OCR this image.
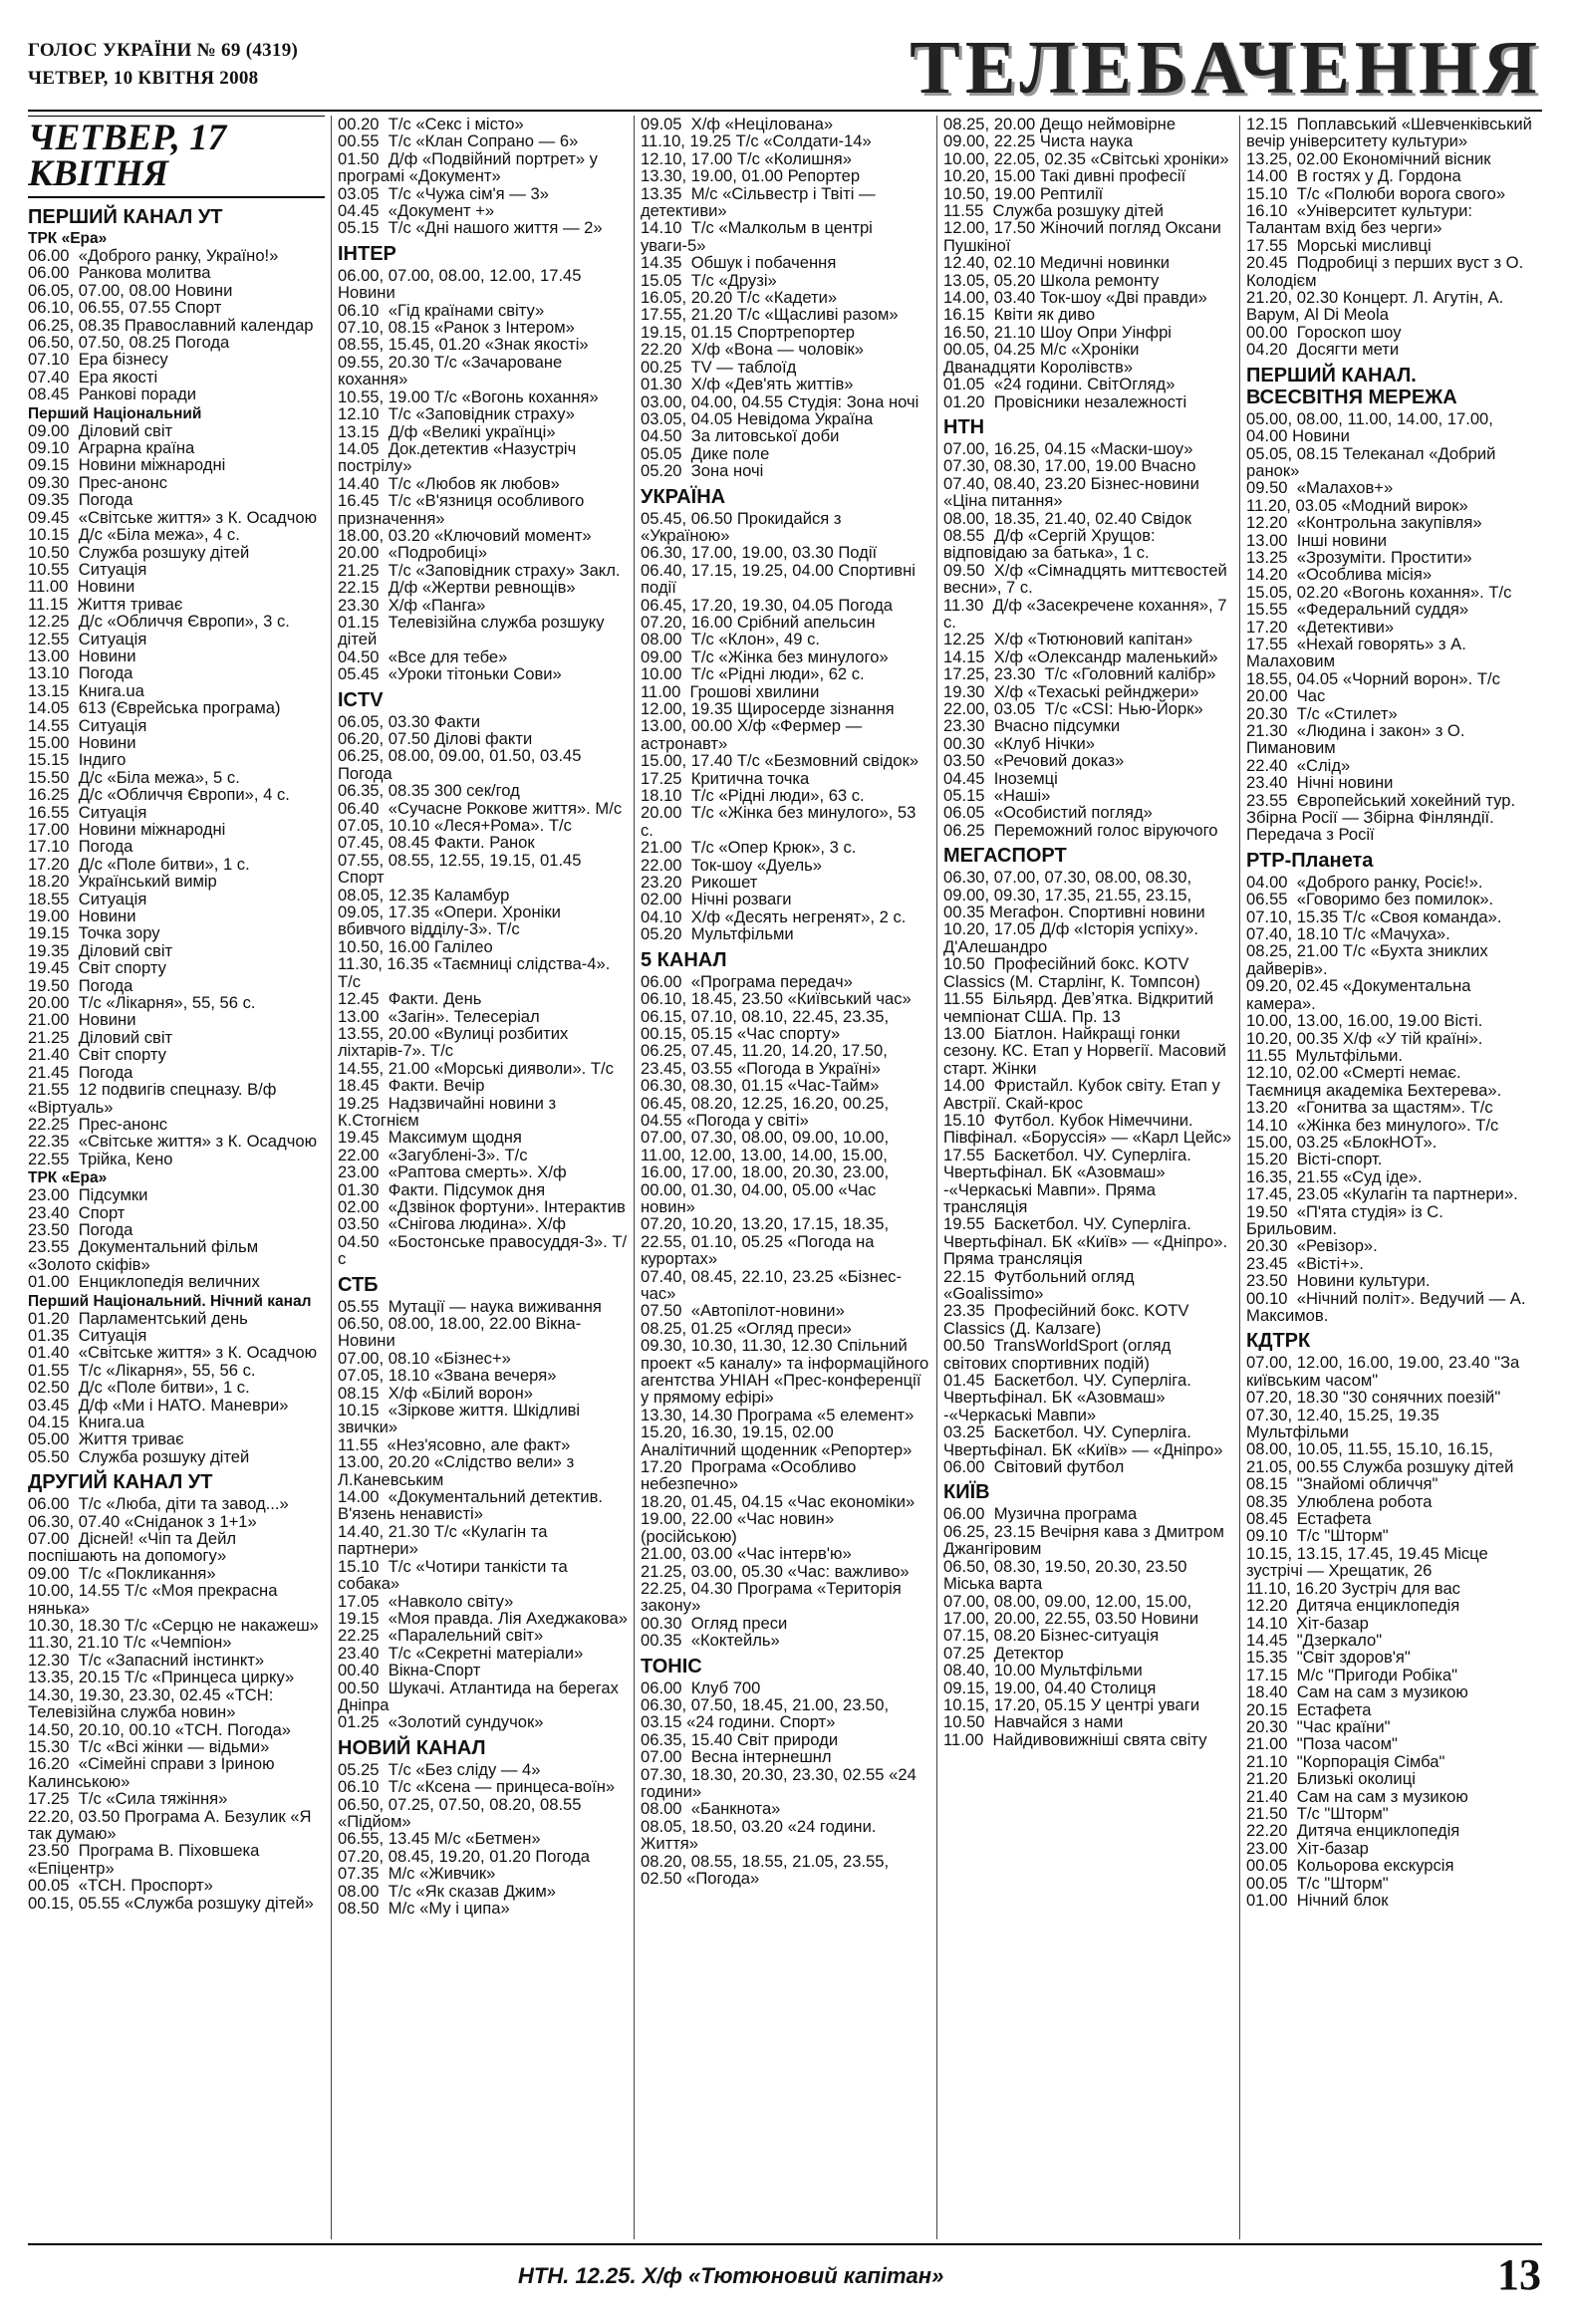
ГОЛОС УКРАЇНИ № 69 (4319)
ЧЕТВЕР, 10 КВІТНЯ 2008	ТЕЛЕБАЧЕННЯ
ЧЕТВЕР, 17 КВІТНЯ
ПЕРШИЙ КАНАЛ УТ
ТРК «Ера»
06.00  «Доброго ранку, Україно!»
06.00  Ранкова молитва
06.05, 07.00, 08.00 Новини
06.10, 06.55, 07.55 Спорт
06.25, 08.35 Православний календар
06.50, 07.50, 08.25 Погода
07.10  Ера бізнесу
07.40  Ера якості
08.45  Ранкові поради
Перший Національний
09.00  Діловий світ
09.10  Аграрна країна
09.15  Новини міжнародні
09.30  Прес-анонс
09.35  Погода
09.45  «Світське життя» з К. Осадчою
10.15  Д/с «Біла межа», 4 с.
10.50  Служба розшуку дітей
10.55  Ситуація
11.00  Новини
11.15  Життя триває
12.25  Д/с «Обличчя Європи», 3 с.
12.55  Ситуація
13.00  Новини
13.10  Погода
13.15  Книга.ua
14.05  613 (Єврейська програма)
14.55  Ситуація
15.00  Новини
15.15  Індиго
15.50  Д/с «Біла межа», 5 с.
16.25  Д/с «Обличчя Європи», 4 с.
16.55  Ситуація
17.00  Новини міжнародні
17.10  Погода
17.20  Д/с «Поле битви», 1 с.
18.20  Український вимір
18.55  Ситуація
19.00  Новини
19.15  Точка зору
19.35  Діловий світ
19.45  Світ спорту
19.50  Погода
20.00  Т/с «Лікарня», 55, 56 с.
21.00  Новини
21.25  Діловий світ
21.40  Світ спорту
21.45  Погода
21.55  12 подвигів спецназу. В/ф «Віртуаль»
22.25  Прес-анонс
22.35  «Світське життя» з К. Осадчою
22.55  Трійка, Кено
ТРК «Ера»
23.00  Підсумки
23.40  Спорт
23.50  Погода
23.55  Документальний фільм «Золото скіфів»
01.00  Енциклопедія величних
Перший Національний. Нічний канал
01.20  Парламентський день
01.35  Ситуація
01.40  «Світське життя» з К. Осадчою
01.55  Т/с «Лікарня», 55, 56 с.
02.50  Д/с «Поле битви», 1 с.
03.45  Д/ф «Ми і НАТО. Маневри»
04.15  Книга.ua
05.00  Життя триває
05.50  Служба розшуку дітей
ДРУГИЙ КАНАЛ УТ
06.00  Т/с «Люба, діти та завод...»
06.30, 07.40 «Сніданок з 1+1»
07.00  Дісней! «Чіп та Дейл поспішають на допомогу»
09.00  Т/с «Покликання»
10.00, 14.55 Т/с «Моя прекрасна нянька»
10.30, 18.30 Т/с «Серцю не накажеш»
11.30, 21.10 Т/с «Чемпіон»
12.30  Т/с «Запасний інстинкт»
13.35, 20.15 Т/с «Принцеса цирку»
14.30, 19.30, 23.30, 02.45 «ТСН: Телевізійна служба новин»
14.50, 20.10, 00.10 «ТСН. Погода»
15.30  Т/с «Всі жінки — відьми»
16.20  «Сімейні справи з Іриною Калинською»
17.25  Т/с «Сила тяжіння»
22.20, 03.50 Програма А. Безулик «Я так думаю»
23.50  Програма В. Піховшека «Епіцентр»
00.05  «ТСН. Проспорт»
00.15, 05.55 «Служба розшуку дітей»
00.20  Т/с «Секс і місто»
00.55  Т/с «Клан Сопрано — 6»
01.50  Д/ф «Подвійний портрет» у програмі «Документ»
03.05  Т/с «Чужа сім'я — 3»
04.45  «Документ +»
05.15  Т/с «Дні нашого життя — 2»
ІНТЕР
06.00, 07.00, 08.00, 12.00, 17.45 Новини
06.10  «Гід країнами світу»
07.10, 08.15 «Ранок з Інтером»
08.55, 15.45, 01.20 «Знак якості»
09.55, 20.30 Т/с «Зачароване кохання»
10.55, 19.00 Т/с «Вогонь кохання»
12.10  Т/с «Заповідник страху»
13.15  Д/ф «Великі українці»
14.05  Док.детектив «Назустріч пострілу»
14.40  Т/с «Любов як любов»
16.45  Т/с «В'язниця особливого призначення»
18.00, 03.20 «Ключовий момент»
20.00  «Подробиці»
21.25  Т/с «Заповідник страху» Закл.
22.15  Д/ф «Жертви ревнощів»
23.30  Х/ф «Панга»
01.15  Телевізійна служба розшуку дітей
04.50  «Все для тебе»
05.45  «Уроки тітоньки Сови»
ICTV
06.05, 03.30 Факти
06.20, 07.50 Ділові факти
06.25, 08.00, 09.00, 01.50, 03.45 Погода
06.35, 08.35 300 сек/год
06.40  «Сучасне Роккове життя». М/с
07.05, 10.10 «Леся+Рома». Т/с
07.45, 08.45 Факти. Ранок
07.55, 08.55, 12.55, 19.15, 01.45 Спорт
08.05, 12.35 Каламбур
09.05, 17.35 «Опери. Хроніки вбивчого відділу-3». Т/с
10.50, 16.00 Галілео
11.30, 16.35 «Таємниці слідства-4». Т/с
12.45  Факти. День
13.00  «Загін». Телесеріал
13.55, 20.00 «Вулиці розбитих ліхтарів-7». Т/с
14.55, 21.00 «Морські дияволи». Т/с
18.45  Факти. Вечір
19.25  Надзвичайні новини з К.Стогнієм
19.45  Максимум щодня
22.00  «Загублені-3». Т/с
23.00  «Раптова смерть». Х/ф
01.30  Факти. Підсумок дня
02.00  «Дзвінок фортуни». Інтерактив
03.50  «Снігова людина». Х/ф
04.50  «Бостонське правосуддя-3». Т/с
СТБ
05.55  Мутації — наука виживання
06.50, 08.00, 18.00, 22.00 Вікна-Новини
07.00, 08.10 «Бізнес+»
07.05, 18.10 «Звана вечеря»
08.15  Х/ф «Білий ворон»
10.15  «Зіркове життя. Шкідливі звички»
11.55  «Нез'ясовно, але факт»
13.00, 20.20 «Слідство вели» з Л.Каневським
14.00  «Документальний детектив. В'язень ненависті»
14.40, 21.30 Т/с «Кулагін та партнери»
15.10  Т/с «Чотири танкісти та собака»
17.05  «Навколо світу»
19.15  «Моя правда. Лія Ахеджакова»
22.25  «Паралельний світ»
23.40  Т/с «Секретні матеріали»
00.40  Вікна-Спорт
00.50  Шукачі. Атлантида на берегах Дніпра
01.25  «Золотий сундучок»
НОВИЙ КАНАЛ
05.25  Т/с «Без сліду — 4»
06.10  Т/с «Ксена — принцеса-воїн»
06.50, 07.25, 07.50, 08.20, 08.55 «Підйом»
06.55, 13.45 М/с «Бетмен»
07.20, 08.45, 19.20, 01.20 Погода
07.35  М/с «Живчик»
08.00  Т/с «Як сказав Джим»
08.50  М/с «Му і ципа»
09.05  Х/ф «Неціловaна»
11.10, 19.25 Т/с «Солдати-14»
12.10, 17.00 Т/с «Колишня»
13.30, 19.00, 01.00 Репортер
13.35  М/с «Сільвестр і Твіті — детективи»
14.10  Т/с «Малкольм в центрі уваги-5»
14.35  Обшук і побачення
15.05  Т/с «Друзі»
16.05, 20.20 Т/с «Кадети»
17.55, 21.20 Т/с «Щасливі разом»
19.15, 01.15 Спортрепортер
22.20  Х/ф «Вона — чоловік»
00.25  TV — таблоїд
01.30  Х/ф «Дев'ять життів»
03.00, 04.00, 04.55 Студія: Зона ночі
03.05, 04.05 Невідома Україна
04.50  За литовської доби
05.05  Дике поле
05.20  Зона ночі
УКРАЇНА
05.45, 06.50 Прокидайся з «Україною»
06.30, 17.00, 19.00, 03.30 Події
06.40, 17.15, 19.25, 04.00 Спортивні події
06.45, 17.20, 19.30, 04.05 Погода
07.20, 16.00 Срібний апельсин
08.00  Т/с «Клон», 49 с.
09.00  Т/с «Жінка без минулого»
10.00  Т/с «Рідні люди», 62 с.
11.00  Грошові хвилини
12.00, 19.35 Щиросерде зізнання
13.00, 00.00 Х/ф «Фермер — астронавт»
15.00, 17.40 Т/с «Безмовний свідок»
17.25  Критична точка
18.10  Т/с «Рідні люди», 63 с.
20.00  Т/с «Жінка без минулого», 53 с.
21.00  Т/с «Опер Крюк», 3 с.
22.00  Ток-шоу «Дуель»
23.20  Рикошет
02.00  Нічні розваги
04.10  Х/ф «Десять негренят», 2 с.
05.20  Мультфільми
5 КАНАЛ
06.00  «Програма передач»
06.10, 18.45, 23.50 «Київський час»
06.15, 07.10, 08.10, 22.45, 23.35, 00.15, 05.15 «Час спорту»
06.25, 07.45, 11.20, 14.20, 17.50, 23.45, 03.55 «Погода в Україні»
06.30, 08.30, 01.15 «Час-Тайм»
06.45, 08.20, 12.25, 16.20, 00.25, 04.55 «Погода у світі»
07.00, 07.30, 08.00, 09.00, 10.00, 11.00, 12.00, 13.00, 14.00, 15.00, 16.00, 17.00, 18.00, 20.30, 23.00, 00.00, 01.30, 04.00, 05.00 «Час новин»
07.20, 10.20, 13.20, 17.15, 18.35, 22.55, 01.10, 05.25 «Погода на курортах»
07.40, 08.45, 22.10, 23.25 «Бізнес-час»
07.50  «Автопілот-новини»
08.25, 01.25 «Огляд преси»
09.30, 10.30, 11.30, 12.30 Спільний проект «5 каналу» та інформаційного агентства УНІАН «Прес-конференції у прямому ефірі»
13.30, 14.30 Програма «5 елемент»
15.20, 16.30, 19.15, 02.00 Аналітичний щоденник «Репортер»
17.20  Програма «Особливо небезпечно»
18.20, 01.45, 04.15 «Час економіки»
19.00, 22.00 «Час новин» (російською)
21.00, 03.00 «Час інтерв'ю»
21.25, 03.00, 05.30 «Час: важливо»
22.25, 04.30 Програма «Територія закону»
00.30  Огляд преси
00.35  «Коктейль»
ТОНІС
06.00  Клуб 700
06.30, 07.50, 18.45, 21.00, 23.50, 03.15 «24 години. Спорт»
06.35, 15.40 Світ природи
07.00  Весна інтернешнл
07.30, 18.30, 20.30, 23.30, 02.55 «24 години»
08.00  «Банкнота»
08.05, 18.50, 03.20 «24 години. Життя»
08.20, 08.55, 18.55, 21.05, 23.55, 02.50 «Погода»
08.25, 20.00 Дещо неймовірне
09.00, 22.25 Чиста наука
10.00, 22.05, 02.35 «Світські хроніки»
10.20, 15.00 Такі дивні професії
10.50, 19.00 Рептилії
11.55  Служба розшуку дітей
12.00, 17.50 Жіночий погляд Оксани Пушкіної
12.40, 02.10 Медичні новинки
13.05, 05.20 Школа ремонту
14.00, 03.40 Ток-шоу «Дві правди»
16.15  Квіти як диво
16.50, 21.10 Шоу Опри Уінфрі
00.05, 04.25 М/с «Хроніки Дванадцяти Королівств»
01.05  «24 години. СвітОгляд»
01.20  Провісники незалежності
НТН
07.00, 16.25, 04.15 «Маски-шоу»
07.30, 08.30, 17.00, 19.00 Вчасно
07.40, 08.40, 23.20 Бізнес-новини «Ціна питання»
08.00, 18.35, 21.40, 02.40 Свідок
08.55  Д/ф «Сергій Хрущов: відповідаю за батька», 1 с.
09.50  Х/ф «Сімнадцять миттєвостей весни», 7 с.
11.30  Д/ф «Засекречене кохання», 7 с.
12.25  Х/ф «Тютюновий капітан»
14.15  Х/ф «Олександр маленький»
17.25, 23.30  Т/с «Головний калібр»
19.30  Х/ф «Техаські рейнджери»
22.00, 03.05  Т/с «CSI: Нью-Йорк»
23.30  Вчасно підсумки
00.30  «Клуб Нічки»
03.50  «Речовий доказ»
04.45  Іноземці
05.15  «Наші»
06.05  «Особистий погляд»
06.25  Переможний голос віруючого
МЕГАСПОРТ
06.30, 07.00, 07.30, 08.00, 08.30, 09.00, 09.30, 17.35, 21.55, 23.15, 00.35 Мегафон. Спортивні новини
10.20, 17.05 Д/ф «Історія успіху». Д'Алешандро
10.50  Професійний бокс. KOTV Classics (М. Старлінг, К. Томпсон)
11.55  Більярд. Девʼятка. Відкритий чемпіонат США. Пр. 13
13.00  Біатлон. Найкращі гонки сезону. КС. Етап у Норвегії. Масовий старт. Жінки
14.00  Фристайл. Кубок світу. Етап у Австрії. Скай-крос
15.10  Футбол. Кубок Німеччини. Півфінал. «Боруссія» — «Карл Цейс»
17.55  Баскетбол. ЧУ. Суперліга. Чвертьфінал. БК «Азовмаш» -«Черкаські Мавпи». Пряма трансляція
19.55  Баскетбол. ЧУ. Суперліга. Чвертьфінал. БК «Київ» — «Дніпро». Пряма трансляція
22.15  Футбольний огляд «Goalissimo»
23.35  Професійний бокс. KOTV Classics (Д. Калзаге)
00.50  TransWorldSport (огляд світових спортивних подій)
01.45  Баскетбол. ЧУ. Суперліга. Чвертьфінал. БК «Азовмаш» -«Черкаські Мавпи»
03.25  Баскетбол. ЧУ. Суперліга. Чвертьфінал. БК «Київ» — «Дніпро»
06.00  Світовий футбол
КИЇВ
06.00  Музична програма
06.25, 23.15 Вечірня кава з Дмитром Джангіровим
06.50, 08.30, 19.50, 20.30, 23.50 Міська варта
07.00, 08.00, 09.00, 12.00, 15.00, 17.00, 20.00, 22.55, 03.50 Новини
07.15, 08.20 Бізнес-ситуація
07.25  Детектор
08.40, 10.00 Мультфільми
09.15, 19.00, 04.40 Столиця
10.15, 17.20, 05.15 У центрі уваги
10.50  Навчайся з нами
11.00  Найдивовижніші свята світу
12.15  Поплавський «Шевченківський вечір університету культури»
13.25, 02.00 Економічний вісник
14.00  В гостях у Д. Гордона
15.10  Т/с «Полюби ворога свого»
16.10  «Університет культури: Талантам вхід без черги»
17.55  Морські мисливці
20.45  Подробиці з перших вуст з О. Колодієм
21.20, 02.30 Концерт. Л. Агутін, А. Варум, Al Di Meola
00.00  Гороскоп шоу
04.20  Досягти мети
ПЕРШИЙ КАНАЛ. ВСЕСВІТНЯ МЕРЕЖА
05.00, 08.00, 11.00, 14.00, 17.00, 04.00 Новини
05.05, 08.15 Телеканал «Добрий ранок»
09.50  «Малахов+»
11.20, 03.05 «Модний вирок»
12.20  «Контрольна закупівля»
13.00  Інші новини
13.25  «Зрозуміти. Простити»
14.20  «Особлива місія»
15.05, 02.20 «Вогонь кохання». Т/с
15.55  «Федеральний суддя»
17.20  «Детективи»
17.55  «Нехай говорять» з А. Малаховим
18.55, 04.05 «Чорний ворон». Т/с
20.00  Час
20.30  Т/с «Стилет»
21.30  «Людина і закон» з О. Пимановим
22.40  «Слід»
23.40  Нічні новини
23.55  Європейський хокейний тур. Збірна Росії — Збірна Фінляндії. Передача з Росії
РТР-Планета
04.00  «Доброго ранку, Росіє!».
06.55  «Говоримо без помилок».
07.10, 15.35 Т/с «Своя команда».
07.40, 18.10 Т/с «Мачуха».
08.25, 21.00 Т/с «Бухта зниклих дайверів».
09.20, 02.45 «Документальна камера».
10.00, 13.00, 16.00, 19.00 Вісті.
10.20, 00.35 Х/ф «У тій країні».
11.55  Мультфільми.
12.10, 02.00 «Смерті немає. Таємниця академіка Бехтерева».
13.20  «Гонитва за щастям». Т/с
14.10  «Жінка без минулого». Т/с
15.00, 03.25 «БлокНОТ».
15.20  Вісті-спорт.
16.35, 21.55 «Суд іде».
17.45, 23.05 «Кулагін та партнери».
19.50  «П'ята студія» із С. Брильовим.
20.30  «Ревізор».
23.45  «Вісті+».
23.50  Новини культури.
00.10  «Нічний політ». Ведучий — А. Максимов.
КДТРК
07.00, 12.00, 16.00, 19.00, 23.40 "За київським часом"
07.20, 18.30 "30 сонячних поезій"
07.30, 12.40, 15.25, 19.35 Мультфільми
08.00, 10.05, 11.55, 15.10, 16.15, 21.05, 00.55 Служба розшуку дітей
08.15  "Знайомі обличчя"
08.35  Улюблена робота
08.45  Естафета
09.10  Т/с "Шторм"
10.15, 13.15, 17.45, 19.45 Місце зустрічі — Хрещатик, 26
11.10, 16.20 Зустріч для вас
12.20  Дитяча енциклопедія
14.10  Хіт-базар
14.45  "Дзеркало"
15.35  "Світ здоров'я"
17.15  М/с "Пригоди Робіка"
18.40  Сам на сам з музикою
20.15  Естафета
20.30  "Час країни"
21.00  "Поза часом"
21.10  "Корпорація Сімба"
21.20  Близькі околиці
21.40  Сам на сам з музикою
21.50  Т/с "Шторм"
22.20  Дитяча енциклопедія
23.00  Хіт-базар
00.05  Кольорова екскурсія
00.05  Т/с "Шторм"
01.00  Нічний блок
НТН. 12.25. Х/ф «Тютюновий капітан»	13
